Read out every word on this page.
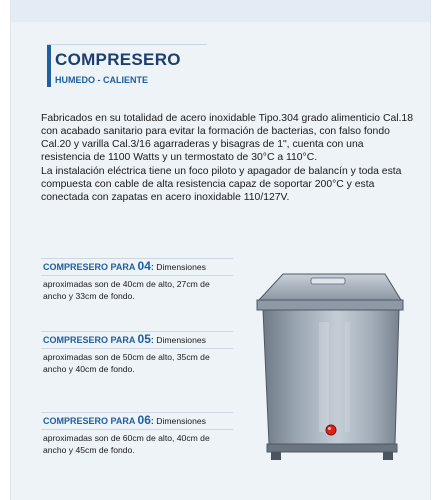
COMPRESERO
HUMEDO - CALIENTE

Fabricados en su totalidad de acero inoxidable Tipo.304 grado alimenticio Cal.18 con acabado sanitario para evitar la formación de bacterias, con falso fondo Cal.20 y varilla Cal.3/16 agarraderas y bisagras de 1", cuenta con una resistencia de 1100 Watts y un termostato de 30°C a 110°C.

La instalación eléctrica tiene un foco piloto y apagador de balancín y toda esta compuesta con cable de alta resistencia capaz de soportar 200°C y esta conectada con zapatas en acero inoxidable 110/127V.

COMPRESERO PARA 04: Dimensiones
aproximadas son de 40cm de alto, 27cm de ancho y 33cm de fondo.
COMPRESERO PARA 05: Dimensiones
aproximadas son de 50cm de alto, 35cm de ancho y 40cm de fondo.
COMPRESERO PARA 06: Dimensiones
aproximadas son de 60cm de alto, 40cm de ancho y 45cm de fondo.
